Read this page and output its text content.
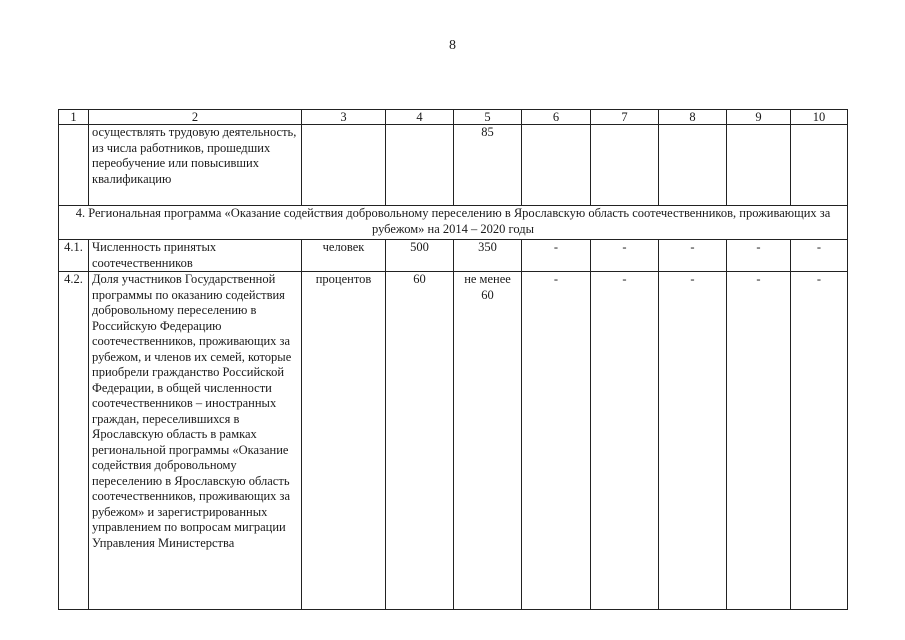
8
1	2	3	4	5	6	7	8	9	10
	осуществлять трудовую деятельность, из числа работников, прошедших переобучение или повысивших квалификацию			85					
4. Региональная программа «Оказание содействия добровольному переселению в Ярославскую область соотечественников, проживающих за рубежом» на 2014 – 2020 годы									
4.1.	Численность принятых соотечественников	человек	500	350	-	-	-	-	-
4.2.	Доля участников Государственной программы по оказанию содействия добровольному переселению в Российскую Федерацию соотечественников, проживающих за рубежом, и членов их семей, которые приобрели гражданство Российской Федерации, в общей численности соотечественников – иностранных граждан, переселившихся в Ярославскую область в рамках региональной программы «Оказание содействия добровольному переселению в Ярославскую область соотечественников, проживающих за рубежом» и зарегистрированных управлением по вопросам миграции Управления Министерства	процентов	60	не менее 60	-	-	-	-	-
